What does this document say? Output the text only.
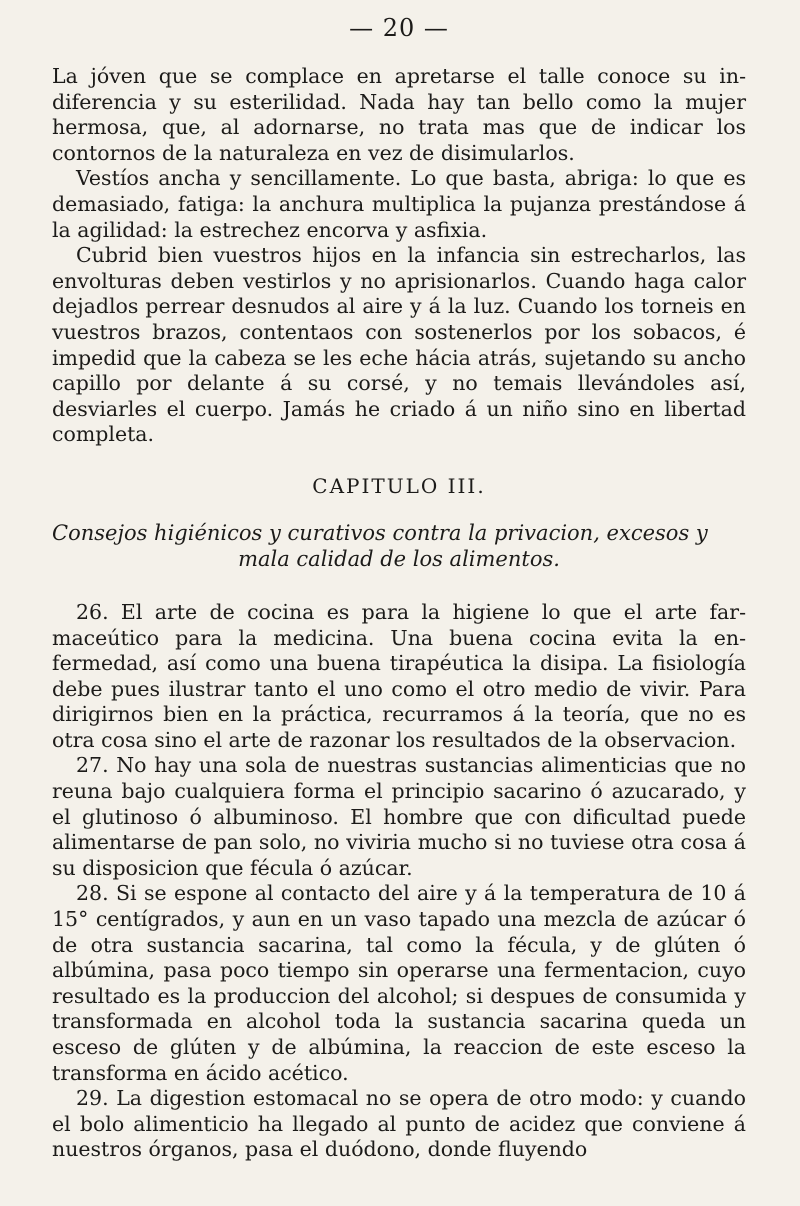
— 20 —

La jóven que se complace en apretarse el talle conoce su indiferencia y su esterilidad. Nada hay tan bello como la mujer hermosa, que, al adornarse, no trata mas que de indicar los contornos de la naturaleza en vez de disimularlos.

Vestíos ancha y sencillamente. Lo que basta, abriga: lo que es demasiado, fatiga: la anchura multiplica la pujanza prestándose á la agilidad: la estrechez encorva y asfixia.

Cubrid bien vuestros hijos en la infancia sin estrecharlos, las envolturas deben vestirlos y no aprisionarlos. Cuando haga calor dejadlos perrear desnudos al aire y á la luz. Cuando los torneis en vuestros brazos, contentaos con sostenerlos por los sobacos, é impedid que la cabeza se les eche hácia atrás, sujetando su ancho capillo por delante á su corsé, y no temais llevándoles así, desviarles el cuerpo. Jamás he criado á un niño sino en libertad completa.

CAPITULO III.
Consejos higiénicos y curativos contra la privacion, excesos y
mala calidad de los alimentos.

26. El arte de cocina es para la higiene lo que el arte farmaceútico para la medicina. Una buena cocina evita la enfermedad, así como una buena tirapéutica la disipa. La fisiología debe pues ilustrar tanto el uno como el otro medio de vivir. Para dirigirnos bien en la práctica, recurramos á la teoría, que no es otra cosa sino el arte de razonar los resultados de la observacion.

27. No hay una sola de nuestras sustancias alimenticias que no reuna bajo cualquiera forma el principio sacarino ó azucarado, y el glutinoso ó albuminoso. El hombre que con dificultad puede alimentarse de pan solo, no viviria mucho si no tuviese otra cosa á su disposicion que fécula ó azúcar.

28. Si se espone al contacto del aire y á la temperatura de 10 á 15° centígrados, y aun en un vaso tapado una mezcla de azúcar ó de otra sustancia sacarina, tal como la fécula, y de glúten ó albúmina, pasa poco tiempo sin operarse una fermentacion, cuyo resultado es la produccion del alcohol; si despues de consumida y transformada en alcohol toda la sustancia sacarina queda un esceso de glúten y de albúmina, la reaccion de este esceso la transforma en ácido acético.

29. La digestion estomacal no se opera de otro modo: y cuando el bolo alimenticio ha llegado al punto de acidez que conviene á nuestros órganos, pasa el duódono, donde fluyendo
